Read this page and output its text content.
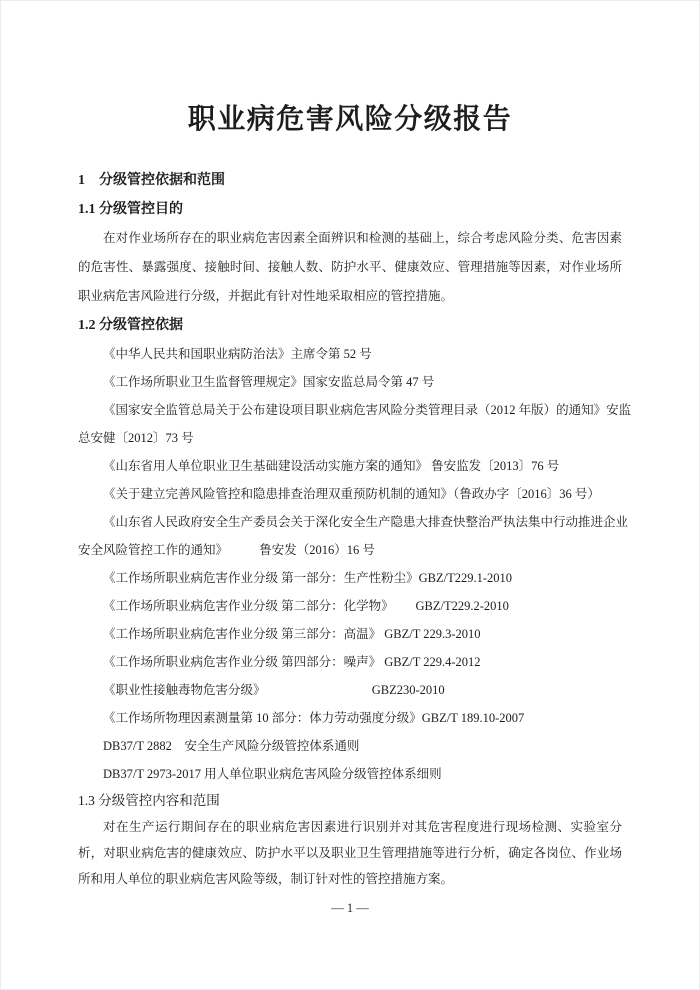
职业病危害风险分级报告
1　分级管控依据和范围
1.1 分级管控目的
在对作业场所存在的职业病危害因素全面辨识和检测的基础上，综合考虑风险分类、危害因素的危害性、暴露强度、接触时间、接触人数、防护水平、健康效应、管理措施等因素，对作业场所职业病危害风险进行分级，并据此有针对性地采取相应的管控措施。
1.2 分级管控依据
《中华人民共和国职业病防治法》主席令第 52 号
《工作场所职业卫生监督管理规定》国家安监总局令第 47 号
《国家安全监管总局关于公布建设项目职业病危害风险分类管理目录（2012 年版）的通知》安监
总安健〔2012〕73 号
《山东省用人单位职业卫生基础建设活动实施方案的通知》 鲁安监发〔2013〕76 号
《关于建立完善风险管控和隐患排查治理双重预防机制的通知》（鲁政办字〔2016〕36 号）
《山东省人民政府安全生产委员会关于深化安全生产隐患大排查快整治严执法集中行动推进企业
安全风险管控工作的通知》　　　鲁安发（2016）16 号
《工作场所职业病危害作业分级 第一部分：生产性粉尘》GBZ/T229.1-2010
《工作场所职业病危害作业分级 第二部分：化学物》　　 GBZ/T229.2-2010
《工作场所职业病危害作业分级 第三部分：高温》 GBZ/T 229.3-2010
《工作场所职业病危害作业分级 第四部分：噪声》 GBZ/T 229.4-2012
《职业性接触毒物危害分级》　　　　　　　　　GBZ230-2010
《工作场所物理因素测量第 10 部分：体力劳动强度分级》GBZ/T 189.10-2007
DB37/T 2882　安全生产风险分级管控体系通则
DB37/T 2973-2017 用人单位职业病危害风险分级管控体系细则
1.3 分级管控内容和范围
对在生产运行期间存在的职业病危害因素进行识别并对其危害程度进行现场检测、实验室分析，对职业病危害的健康效应、防护水平以及职业卫生管理措施等进行分析，确定各岗位、作业场所和用人单位的职业病危害风险等级，制订针对性的管控措施方案。
— 1 —
